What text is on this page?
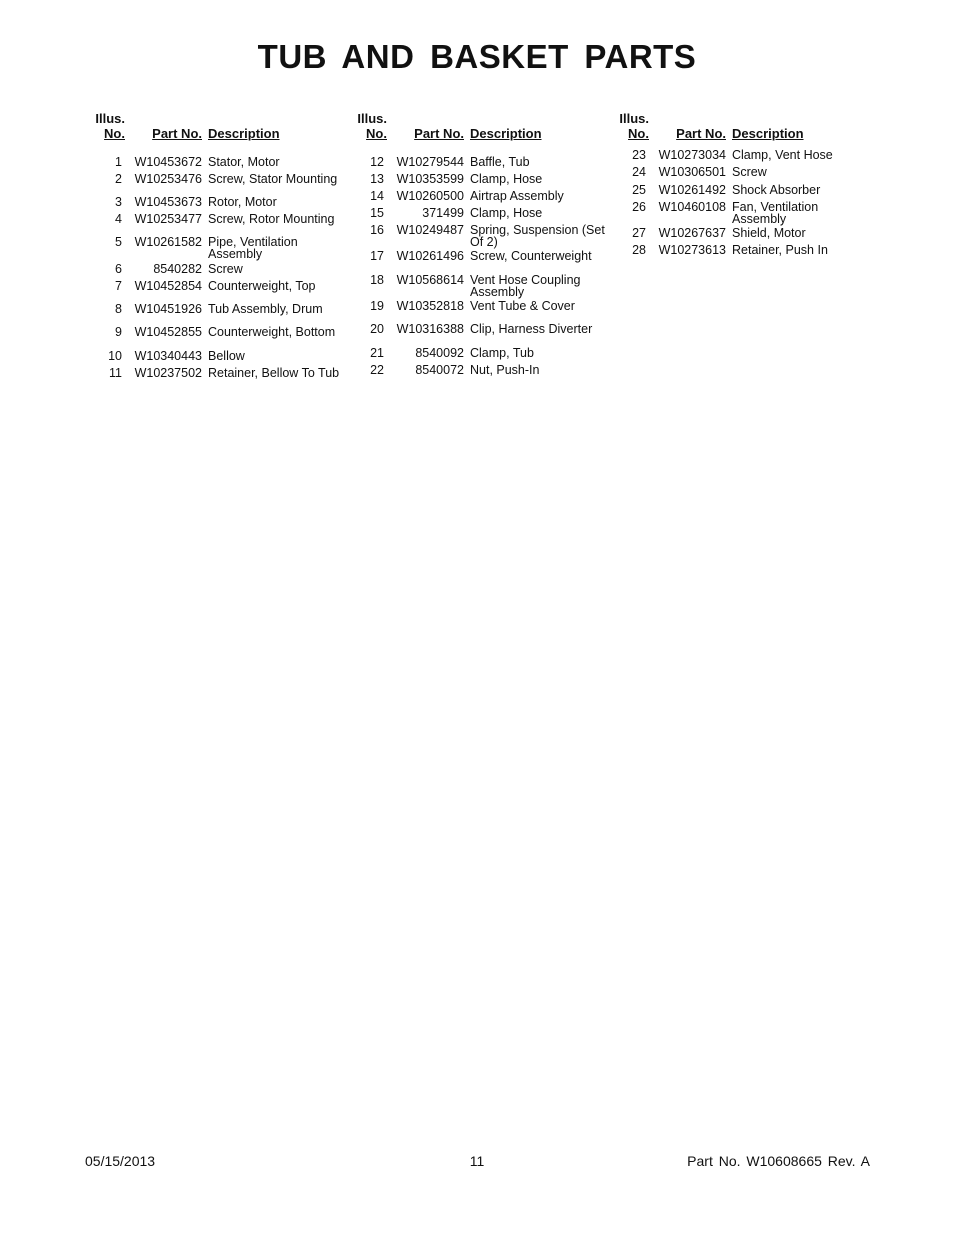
TUB AND BASKET PARTS
Illus.
No.	Part No. Description
1	W10453672 Stator, Motor
2	W10253476 Screw, Stator Mounting
3	W10453673 Rotor, Motor
4	W10253477 Screw, Rotor Mounting
5	W10261582 Pipe, Ventilation Assembly
6	8540282 Screw
7	W10452854 Counterweight, Top
8	W10451926 Tub Assembly, Drum
9	W10452855 Counterweight, Bottom
10	W10340443 Bellow
11	W10237502 Retainer, Bellow To Tub
Illus.
No.	Part No. Description
12	W10279544 Baffle, Tub
13	W10353599 Clamp, Hose
14	W10260500 Airtrap Assembly
15	371499 Clamp, Hose
16	W10249487 Spring, Suspension (Set Of 2)
17	W10261496 Screw, Counterweight
18	W10568614 Vent Hose Coupling Assembly
19	W10352818 Vent Tube & Cover
20	W10316388 Clip, Harness Diverter
21	8540092 Clamp, Tub
22	8540072 Nut, Push-In
Illus.
No.	Part No. Description
23	W10273034 Clamp, Vent Hose
24	W10306501 Screw
25	W10261492 Shock Absorber
26	W10460108 Fan, Ventilation Assembly
27	W10267637 Shield, Motor
28	W10273613 Retainer, Push In
05/15/2013	11	Part No. W10608665 Rev. A
